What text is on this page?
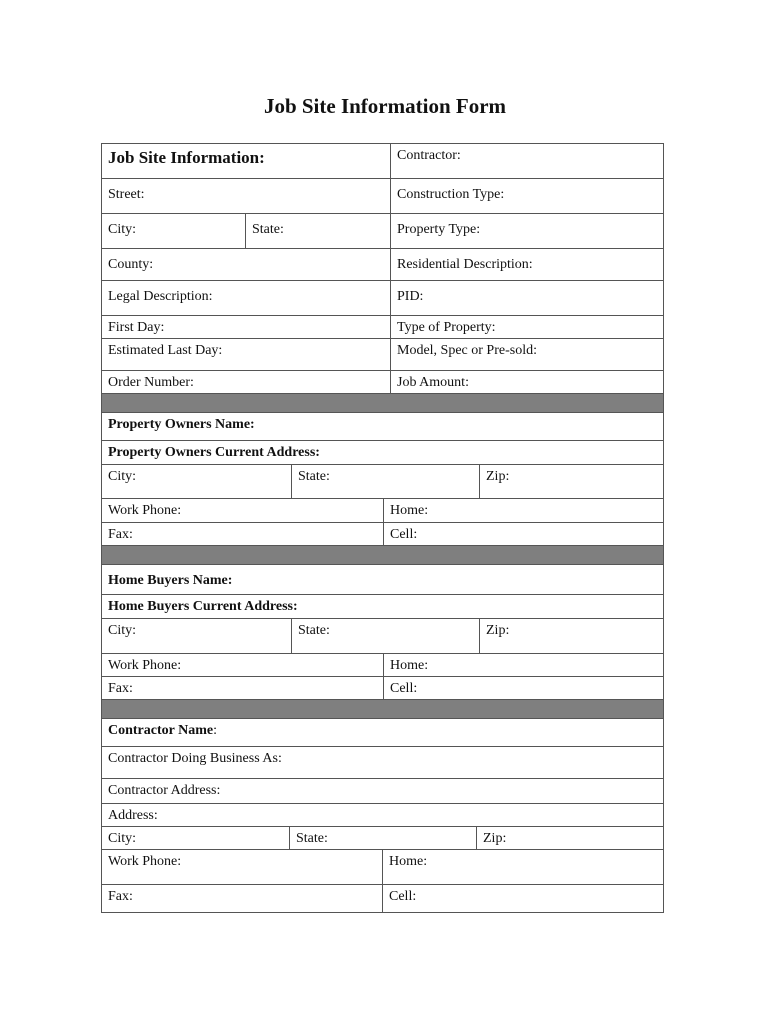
Job Site Information Form
Job Site Information:		Contractor:
Street:		Construction Type:
City:	State:	Property Type:
County:		Residential Description:
Legal Description:		PID:
First Day:		Type of Property:
Estimated Last Day:		Model, Spec or Pre-sold:
Order Number:		Job Amount:

Property Owners Name:			
Property Owners Current Address:			
City:	State:		Zip:
Work Phone:		Home:	
Fax:		Cell:	

Home Buyers Name:			
Home Buyers Current Address:			
City:	State:		Zip:
Work Phone:		Home:	
Fax:		Cell:	

Contractor Name:			
Contractor Doing Business As:			
Contractor Address:			
Address:			
City:	State:		Zip:
Work Phone:		Home:	
Fax:		Cell:	
